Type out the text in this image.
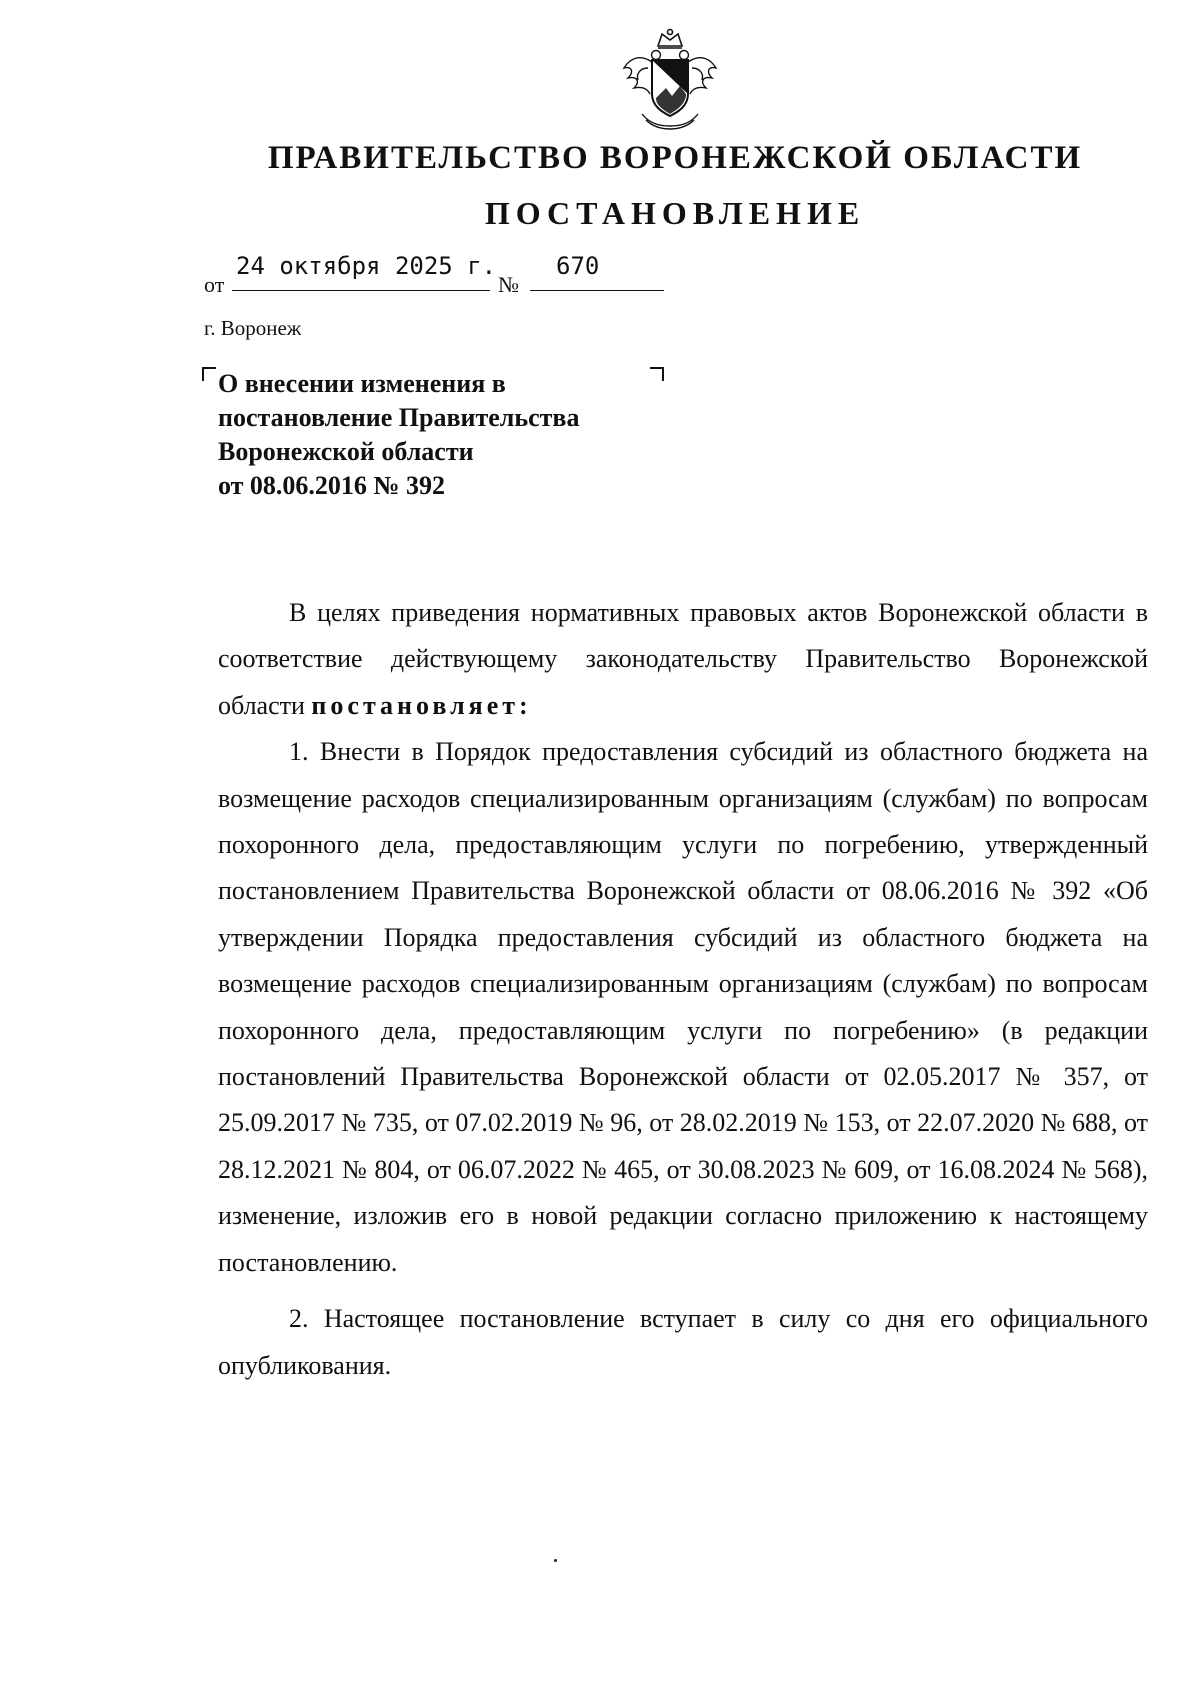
ПРАВИТЕЛЬСТВО ВОРОНЕЖСКОЙ ОБЛАСТИ
ПОСТАНОВЛЕНИЕ
от
24 октября 2025 г.
№
670
г. Воронеж
О внесении изменения в
постановление Правительства
Воронежской области
от 08.06.2016 № 392

В целях приведения нормативных правовых актов Воронежской области в соответствие действующему законодательству Правительство Воронежской области постановляет:

1. Внести в Порядок предоставления субсидий из областного бюджета на возмещение расходов специализированным организациям (службам) по вопросам похоронного дела, предоставляющим услуги по погребению, утвержденный постановлением Правительства Воронежской области от 08.06.2016 № 392 «Об утверждении Порядка предоставления субсидий из областного бюджета на возмещение расходов специализированным организациям (службам) по вопросам похоронного дела, предоставляющим услуги по погребению» (в редакции постановлений Правительства Воронежской области от 02.05.2017 № 357, от 25.09.2017 № 735, от 07.02.2019 № 96, от 28.02.2019 № 153, от 22.07.2020 № 688, от 28.12.2021 № 804, от 06.07.2022 № 465, от 30.08.2023 № 609, от 16.08.2024 № 568), изменение, изложив его в новой редакции согласно приложению к настоящему постановлению.

2. Настоящее постановление вступает в силу со дня его официального опубликования.
